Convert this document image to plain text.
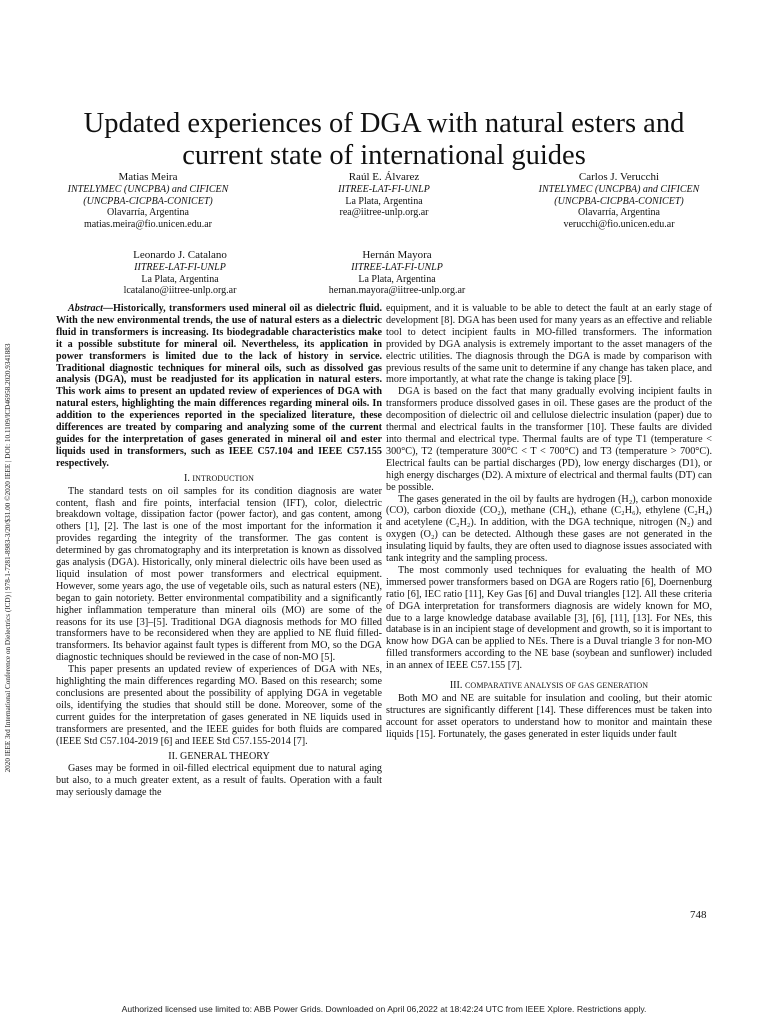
Updated experiences of DGA with natural esters and
current state of international guides
2020 IEEE 3rd International Conference on Dielectrics (ICD) | 978-1-7281-8983-3/20/$31.00 ©2020 IEEE | DOI: 10.1109/ICD46958.2020.9341883
Matias Meira
INTELYMEC (UNCPBA) and CIFICEN
(UNCPBA-CICPBA-CONICET)
Olavarría, Argentina
matias.meira@fio.unicen.edu.ar
Raúl E. Álvarez
IITREE-LAT-FI-UNLP
La Plata, Argentina
rea@iitree-unlp.org.ar
Carlos J. Verucchi
INTELYMEC (UNCPBA) and CIFICEN
(UNCPBA-CICPBA-CONICET)
Olavarría, Argentina
verucchi@fio.unicen.edu.ar
Leonardo J. Catalano
IITREE-LAT-FI-UNLP
La Plata, Argentina
lcatalano@iitree-unlp.org.ar
Hernán Mayora
IITREE-LAT-FI-UNLP
La Plata, Argentina
hernan.mayora@iitree-unlp.org.ar

Abstract—Historically, transformers used mineral oil as dielectric fluid. With the new environmental trends, the use of natural esters as a dielectric fluid in transformers is increasing. Its biodegradable characteristics make it a possible substitute for mineral oil. Nevertheless, its application in power transformers is limited due to the lack of history in service. Traditional diagnostic techniques for mineral oils, such as dissolved gas analysis (DGA), must be readjusted for its application in natural esters. This work aims to present an updated review of experiences of DGA with natural esters, highlighting the main differences regarding mineral oils. In addition to the experiences reported in the specialized literature, these differences are treated by comparing and analyzing some of the current guides for the interpretation of gases generated in mineral oil and ester liquids used in transformers, such as IEEE C57.104 and IEEE C57.155 respectively.

I. INTRODUCTION

The standard tests on oil samples for its condition diagnosis are water content, flash and fire points, interfacial tension (IFT), color, dielectric breakdown voltage, dissipation factor (power factor), and gas content, among others [1], [2]. The last is one of the most important for the information it provides regarding the integrity of the transformer. The gas content is determined by gas chromatography and its interpretation is known as dissolved gas analysis (DGA). Historically, only mineral dielectric oils have been used as liquid insulation of most power transformers and electrical equipment. However, some years ago, the use of vegetable oils, such as natural esters (NE), began to gain notoriety. Better environmental compatibility and a significantly higher inflammation temperature than mineral oils (MO) are some of the reasons for its use [3]–[5]. Traditional DGA diagnosis methods for MO filled transformers have to be reconsidered when they are applied to NE fluid filled-transformers. Its behavior against fault types is different from MO, so the DGA diagnostic techniques should be reviewed in the case of non-MO [5].

This paper presents an updated review of experiences of DGA with NEs, highlighting the main differences regarding MO. Based on this research; some conclusions are presented about the possibility of applying DGA in vegetable oils, identifying the studies that should still be done. Moreover, some of the current guides for the interpretation of gases generated in NE liquids used in transformers are presented, and the IEEE guides for both fluids are compared (IEEE Std C57.104-2019 [6] and IEEE Std C57.155-2014 [7].

II. GENERAL THEORY

Gases may be formed in oil-filled electrical equipment due to natural aging but also, to a much greater extent, as a result of faults. Operation with a fault may seriously damage the

equipment, and it is valuable to be able to detect the fault at an early stage of development [8]. DGA has been used for many years as an effective and reliable tool to detect incipient faults in MO-filled transformers. The information provided by DGA analysis is extremely important to the asset managers of the electric utilities. The diagnosis through the DGA is made by comparison with previous results of the same unit to determine if any change has taken place, and more importantly, at what rate the change is taking place [9].

DGA is based on the fact that many gradually evolving incipient faults in transformers produce dissolved gases in oil. These gases are the product of the decomposition of dielectric oil and cellulose dielectric insulation (paper) due to thermal and electrical faults in the transformer [10]. These faults are divided into thermal and electrical type. Thermal faults are of type T1 (temperature < 300°C), T2 (temperature 300°C < T < 700°C) and T3 (temperature > 700°C). Electrical faults can be partial discharges (PD), low energy discharges (D1), or high energy discharges (D2). A mixture of electrical and thermal faults (DT) can be possible.

The gases generated in the oil by faults are hydrogen (H₂), carbon monoxide (CO), carbon dioxide (CO₂), methane (CH₄), ethane (C₂H₆), ethylene (C₂H₄) and acetylene (C₂H₂). In addition, with the DGA technique, nitrogen (N₂) and oxygen (O₂) can be detected. Although these gases are not generated in the insulating liquid by faults, they are often used to diagnose issues associated with tank integrity and the sampling process.

The most commonly used techniques for evaluating the health of MO immersed power transformers based on DGA are Rogers ratio [6], Doernenburg ratio [6], IEC ratio [11], Key Gas [6] and Duval triangles [12]. All these criteria of DGA interpretation for transformers diagnosis are widely known for MO, due to a large knowledge database available [3], [6], [11], [13]. For NEs, this database is in an incipient stage of development and growth, so it is important to know how DGA can be applied to NEs. There is a Duval triangle 3 for non-MO filled transformers according to the NE base (soybean and sunflower) included in an annex of IEEE C57.155 [7].

III. COMPARATIVE ANALYSIS OF GAS GENERATION

Both MO and NE are suitable for insulation and cooling, but their atomic structures are significantly different [14]. These differences must be taken into account for asset operators to understand how to monitor and maintain these liquids [15]. Fortunately, the gases generated in ester liquids under fault

748
Authorized licensed use limited to: ABB Power Grids. Downloaded on April 06,2022 at 18:42:24 UTC from IEEE Xplore. Restrictions apply.
